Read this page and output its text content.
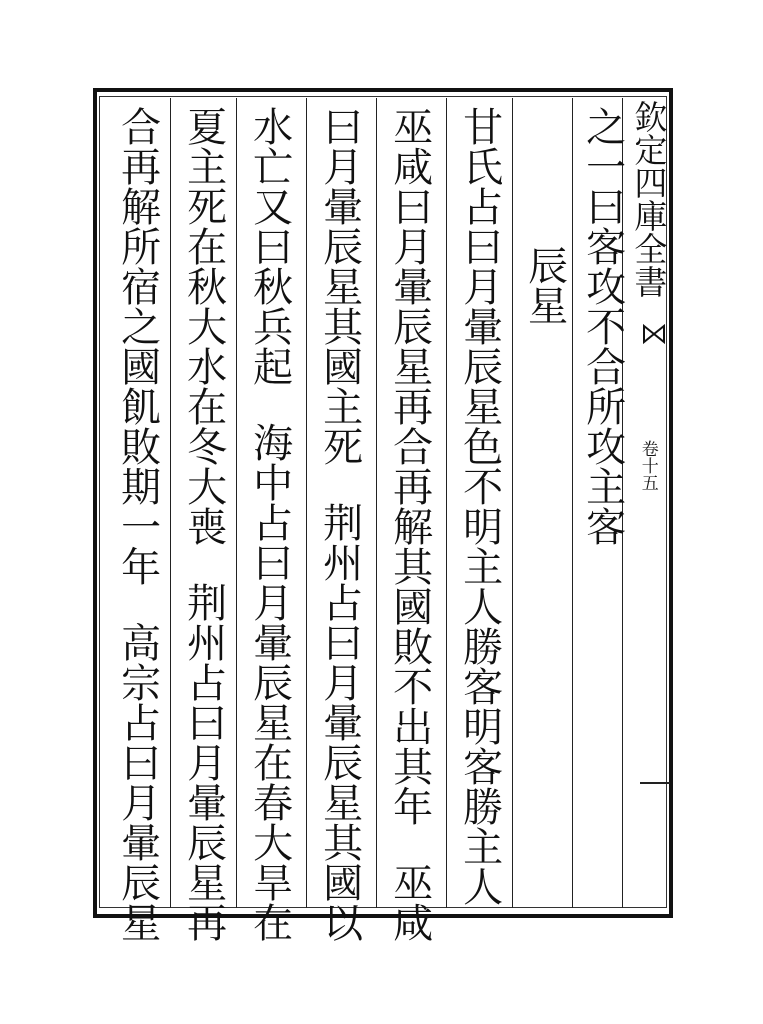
欽定四庫全書
卷十五
之一曰客攻不合所攻主客
辰星
甘氏占曰月暈辰星色不明主人勝客明客勝主人
巫咸曰月暈辰星再合再解其國敗不出其年
巫咸
曰月暈辰星其國主死
荆州占曰月暈辰星其國以
水亡又曰秋兵起
海中占曰月暈辰星在春大旱在
夏主死在秋大水在冬大喪
荆州占曰月暈辰星再
合再解所宿之國飢敗期一年
高宗占曰月暈辰星
